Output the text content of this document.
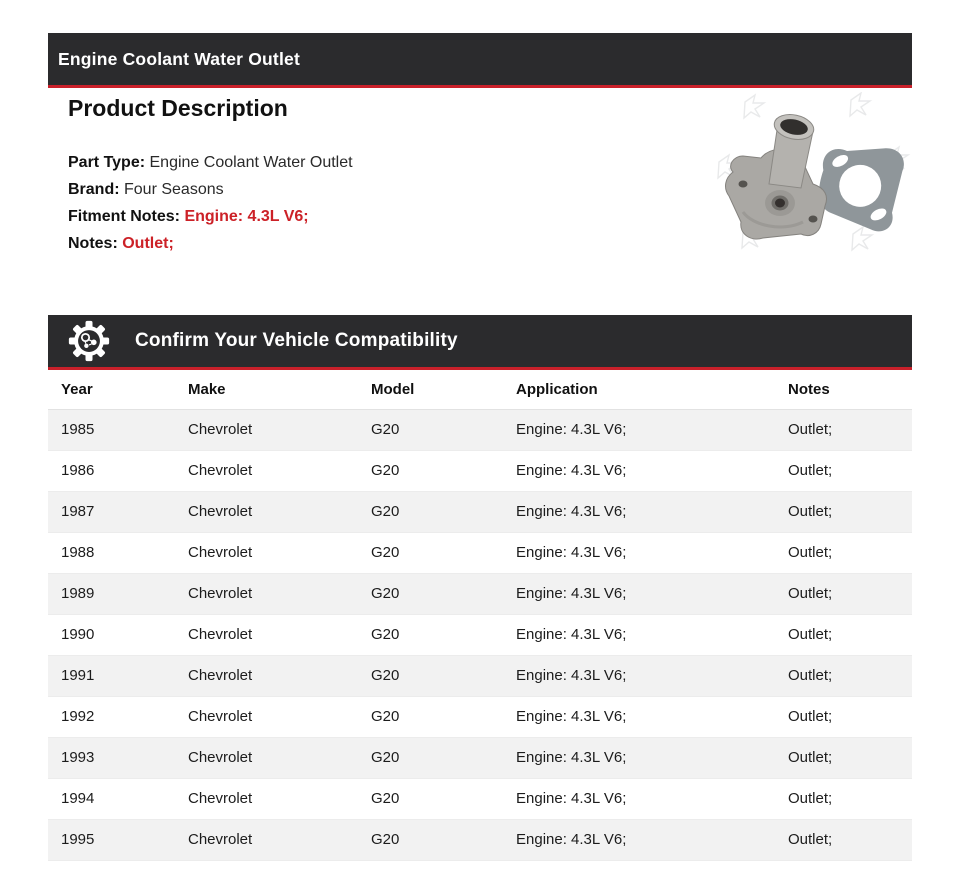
Engine Coolant Water Outlet
Product Description
Part Type: Engine Coolant Water Outlet
Brand: Four Seasons
Fitment Notes: Engine: 4.3L V6;
Notes: Outlet;
Confirm Your Vehicle Compatibility
Year	Make	Model	Application	Notes
1985	Chevrolet	G20	Engine: 4.3L V6;	Outlet;
1986	Chevrolet	G20	Engine: 4.3L V6;	Outlet;
1987	Chevrolet	G20	Engine: 4.3L V6;	Outlet;
1988	Chevrolet	G20	Engine: 4.3L V6;	Outlet;
1989	Chevrolet	G20	Engine: 4.3L V6;	Outlet;
1990	Chevrolet	G20	Engine: 4.3L V6;	Outlet;
1991	Chevrolet	G20	Engine: 4.3L V6;	Outlet;
1992	Chevrolet	G20	Engine: 4.3L V6;	Outlet;
1993	Chevrolet	G20	Engine: 4.3L V6;	Outlet;
1994	Chevrolet	G20	Engine: 4.3L V6;	Outlet;
1995	Chevrolet	G20	Engine: 4.3L V6;	Outlet;
